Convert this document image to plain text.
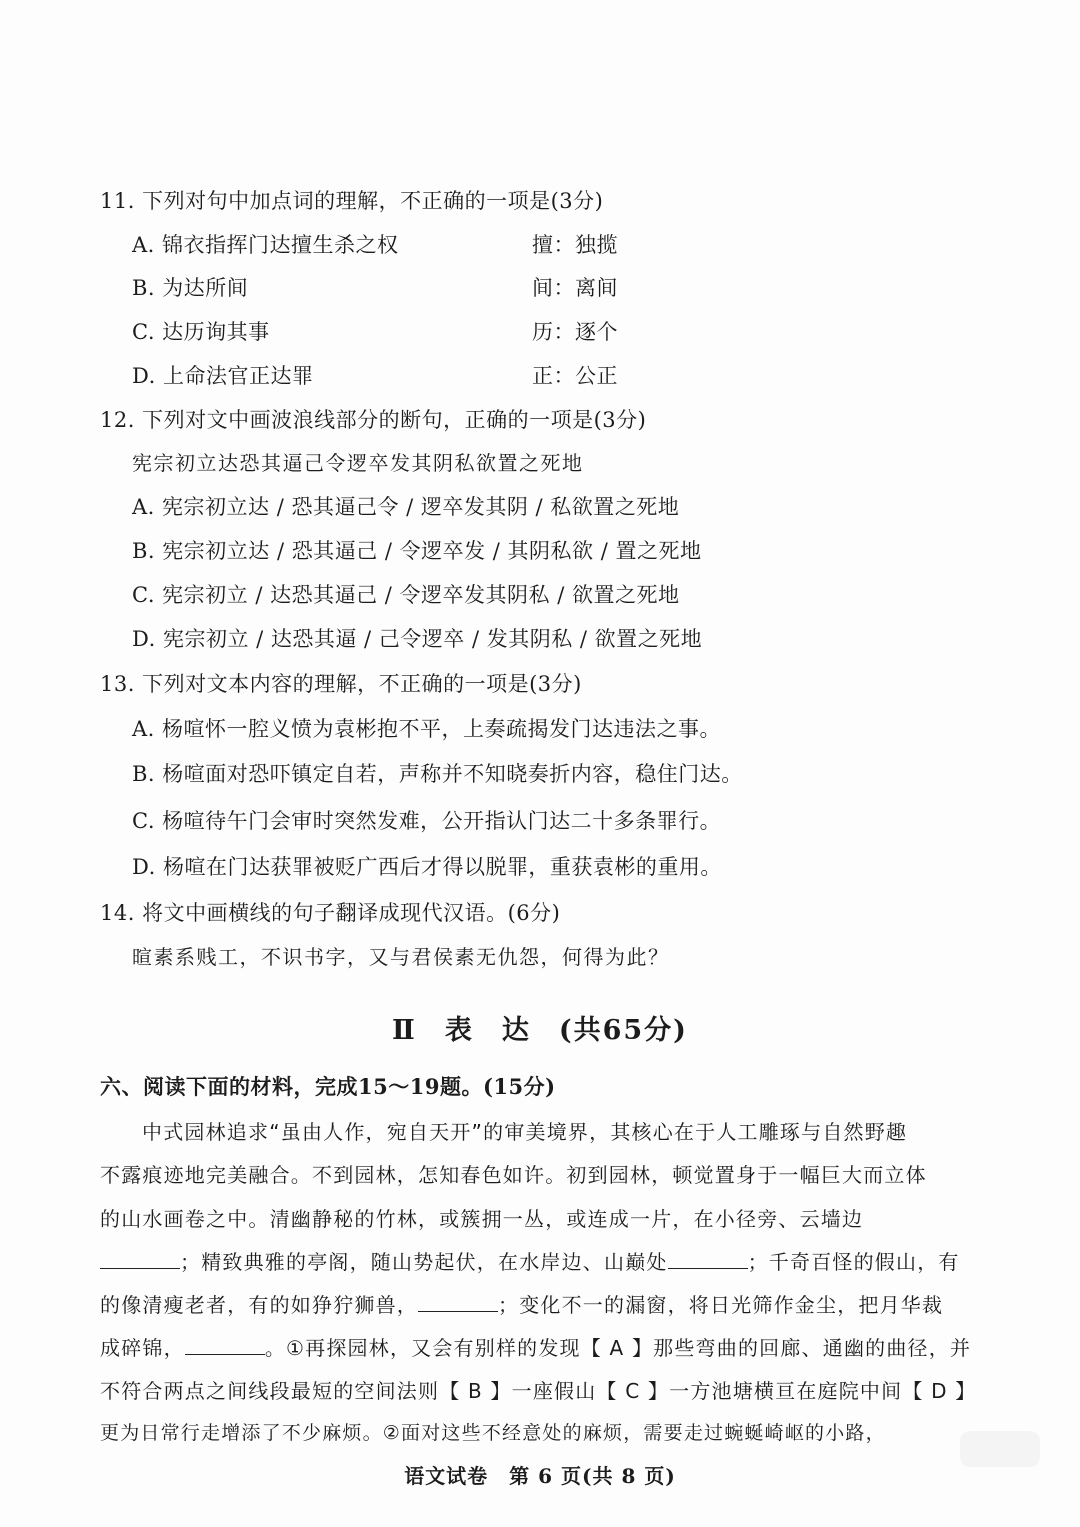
11. 下列对句中加点词的理解，不正确的一项是(3分)
A. 锦衣指挥门达擅生杀之权	擅：独揽
B. 为达所间	间：离间
C. 达历询其事	历：逐个
D. 上命法官正达罪	正：公正
12. 下列对文中画波浪线部分的断句，正确的一项是(3分)
宪宗初立达恐其逼己令逻卒发其阴私欲置之死地
A. 宪宗初立达 / 恐其逼己令 / 逻卒发其阴 / 私欲置之死地
B. 宪宗初立达 / 恐其逼己 / 令逻卒发 / 其阴私欲 / 置之死地
C. 宪宗初立 / 达恐其逼己 / 令逻卒发其阴私 / 欲置之死地
D. 宪宗初立 / 达恐其逼 / 己令逻卒 / 发其阴私 / 欲置之死地
13. 下列对文本内容的理解，不正确的一项是(3分)
A. 杨喧怀一腔义愤为袁彬抱不平，上奏疏揭发门达违法之事。
B. 杨喧面对恐吓镇定自若，声称并不知晓奏折内容，稳住门达。
C. 杨喧待午门会审时突然发难，公开指认门达二十多条罪行。
D. 杨喧在门达获罪被贬广西后才得以脱罪，重获袁彬的重用。
14. 将文中画横线的句子翻译成现代汉语。(6分)
暄素系贱工，不识书字，又与君侯素无仇怨，何得为此？
Ⅱ 表 达 (共65分)
六、阅读下面的材料，完成15～19题。(15分)
中式园林追求“虽由人作，宛自天开”的审美境界，其核心在于人工雕琢与自然野趣
不露痕迹地完美融合。不到园林，怎知春色如许。初到园林，顿觉置身于一幅巨大而立体
的山水画卷之中。清幽静秘的竹林，或簇拥一丛，或连成一片，在小径旁、云墙边
；精致典雅的亭阁，随山势起伏，在水岸边、山巅处	；千奇百怪的假山，有
的像清瘦老者，有的如狰狞狮兽，	；变化不一的漏窗，将日光筛作金尘，把月华裁
成碎锦，	。①再探园林，又会有别样的发现【 A 】那些弯曲的回廊、通幽的曲径，并
不符合两点之间线段最短的空间法则【 B 】一座假山【 C 】一方池塘横亘在庭院中间【 D 】
更为日常行走增添了不少麻烦。②面对这些不经意处的麻烦，需要走过蜿蜒崎岖的小路，
语文试卷　第 6 页(共 8 页)
